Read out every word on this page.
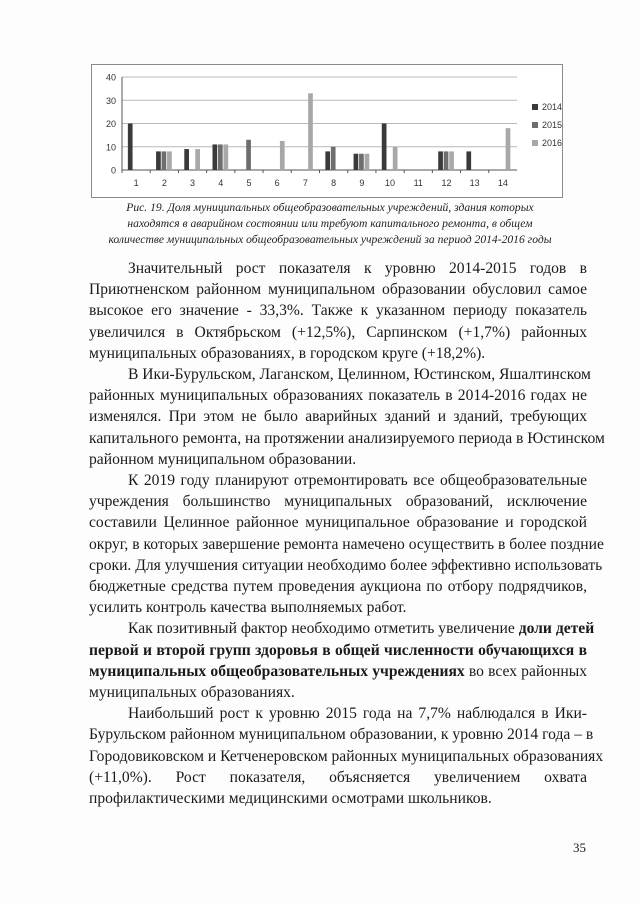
0
10
20
30
40
1	2	3	4	5	6	7	8	9 10 11 12 13 14
2014
2015
2016
Рис. 19. Доля муниципальных общеобразовательных учреждений, здания которых
находятся в аварийном состоянии или требуют капитального ремонта, в общем
количестве муниципальных общеобразовательных учреждений за период 2014-2016 годы
Значительный рост показателя к уровню 2014-2015 годов в
Приютненском районном муниципальном образовании обусловил самое
высокое его значение - 33,3%. Также к указанном периоду показатель
увеличился в Октябрьском (+12,5%), Сарпинском (+1,7%) районных
муниципальных образованиях, в городском круге (+18,2%).
В Ики-Бурульском, Лаганском, Целинном, Юстинском, Яшалтинском
районных муниципальных образованиях показатель в 2014-2016 годах не
изменялся. При этом не было аварийных зданий и зданий, требующих
капитального ремонта, на протяжении анализируемого периода в Юстинском
районном муниципальном образовании.
К 2019 году планируют отремонтировать все общеобразовательные
учреждения большинство муниципальных образований, исключение
составили Целинное районное муниципальное образование и городской
округ, в которых завершение ремонта намечено осуществить в более поздние
сроки. Для улучшения ситуации необходимо более эффективно использовать
бюджетные средства путем проведения аукциона по отбору подрядчиков,
усилить контроль качества выполняемых работ.
Как позитивный фактор необходимо отметить увеличение доли детей
первой и второй групп здоровья в общей численности обучающихся в
муниципальных общеобразовательных учреждениях во всех районных
муниципальных образованиях.
Наибольший рост к уровню 2015 года на 7,7% наблюдался в Ики-
Бурульском районном муниципальном образовании, к уровню 2014 года – в
Городовиковском и Кетченеровском районных муниципальных образованиях
(+11,0%). Рост показателя, объясняется увеличением охвата
профилактическими медицинскими осмотрами школьников.
35
